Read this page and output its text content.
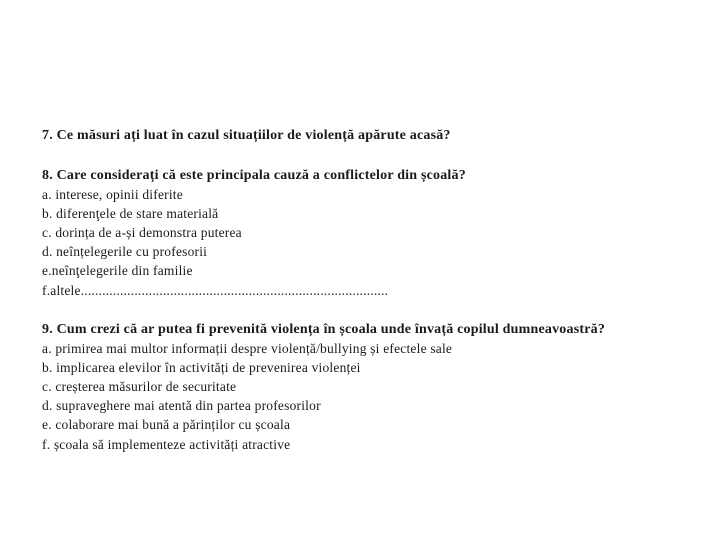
7. Ce măsuri ați luat în cazul situațiilor de violență apărute acasă?

8. Care considerați că este principala cauză a conflictelor din școală?

a. interese, opinii diferite

b. diferenţele de stare materială

c. dorința de a-și demonstra puterea

d. neînțelegerile cu profesorii

e.neînţelegerile din familie

f.altele......................................................................................

9. Cum crezi că ar putea fi prevenită violența în școala unde învață copilul dumneavoastră?

a. primirea mai multor informații despre violență/bullying și efectele sale

b. implicarea elevilor în activități de prevenirea violenței

c. creșterea măsurilor de securitate

d. supraveghere mai atentă din partea profesorilor

e. colaborare mai bună a părinților cu școala

f. școala să implementeze activități atractive
